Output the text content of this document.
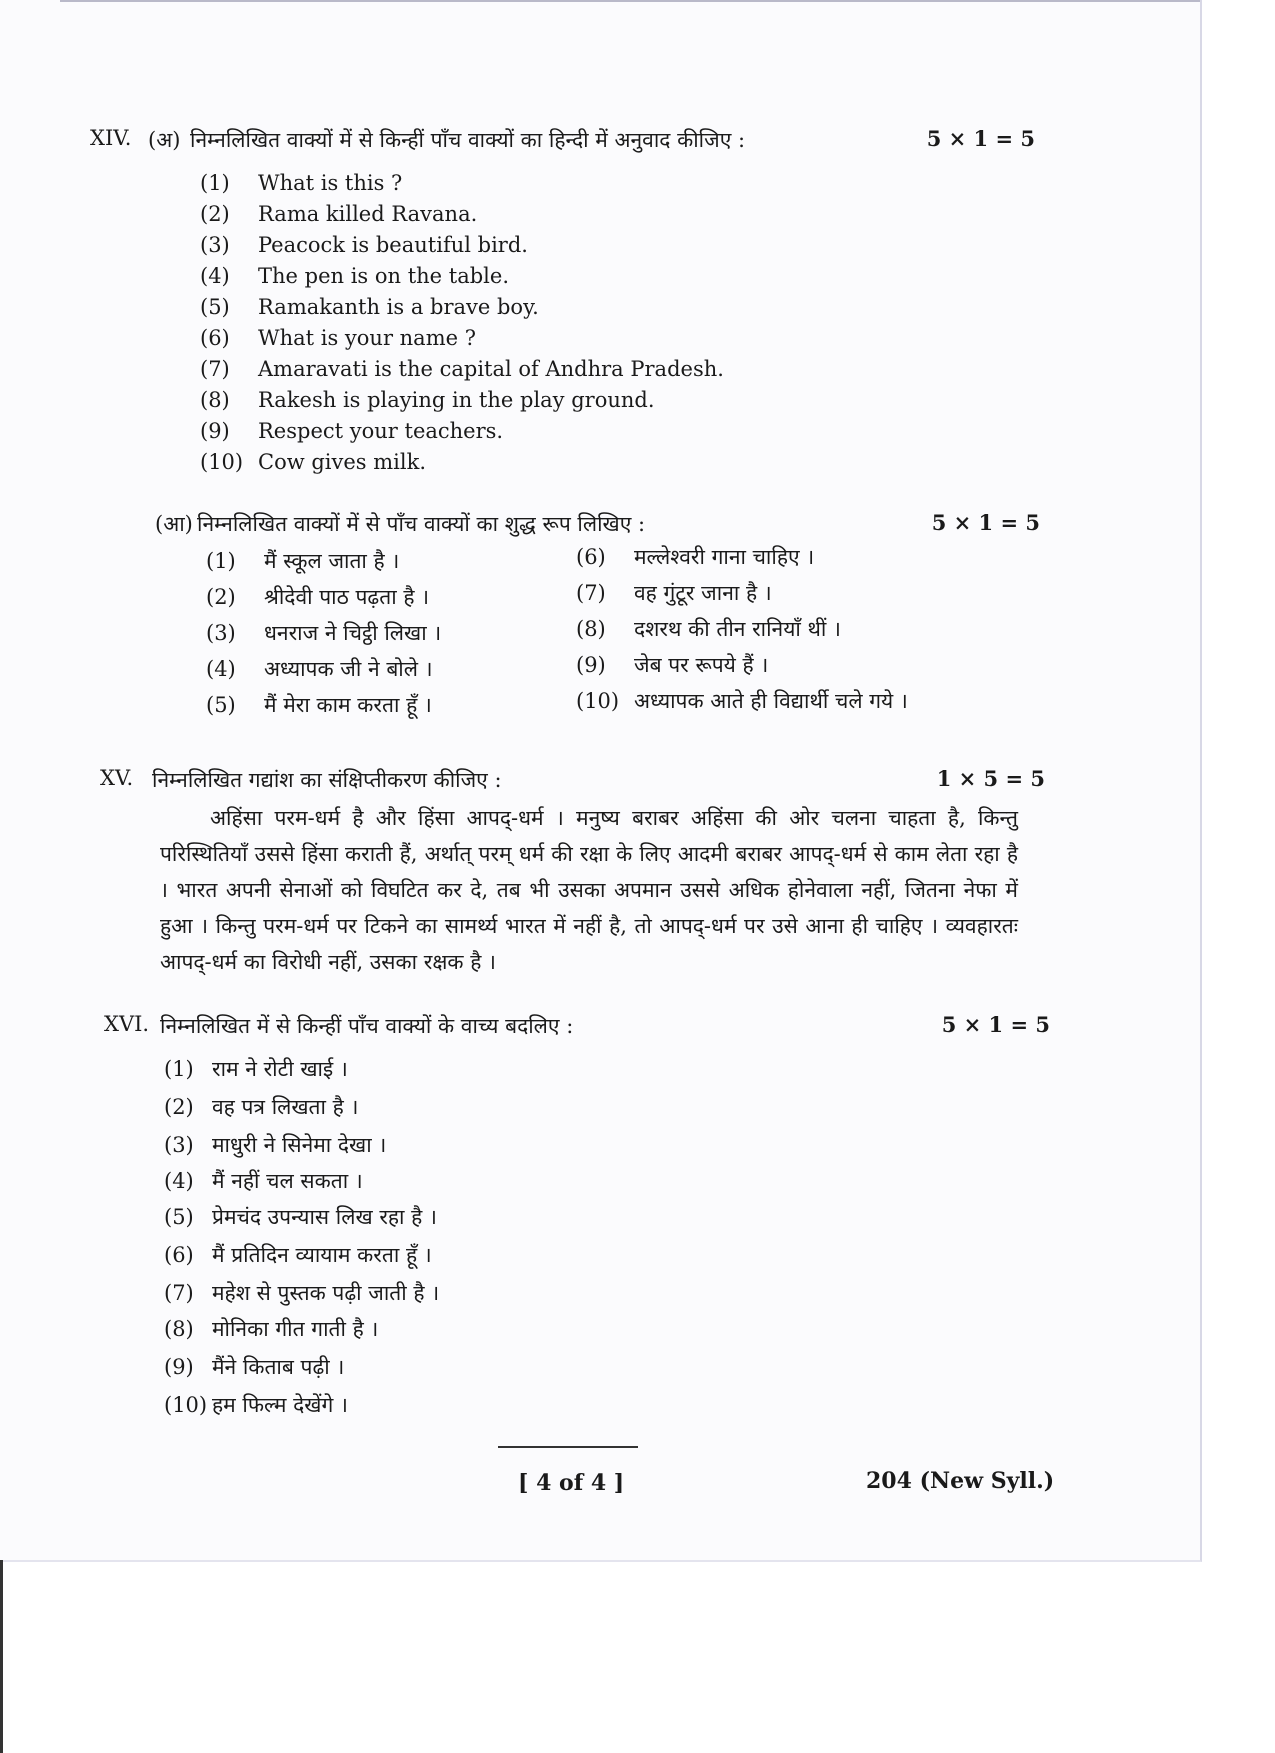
XIV. (अ) निम्नलिखित वाक्यों में से किन्हीं पाँच वाक्यों का हिन्दी में अनुवाद कीजिए :	5 × 1 = 5
(1) What is this ?
(2) Rama killed Ravana.
(3) Peacock is beautiful bird.
(4) The pen is on the table.
(5) Ramakanth is a brave boy.
(6) What is your name ?
(7) Amaravati is the capital of Andhra Pradesh.
(8) Rakesh is playing in the play ground.
(9) Respect your teachers.
(10) Cow gives milk.
(आ) निम्नलिखित वाक्यों में से पाँच वाक्यों का शुद्ध रूप लिखिए :	5 × 1 = 5
(1) मैं स्कूल जाता है ।
(2) श्रीदेवी पाठ पढ़ता है ।
(3) धनराज ने चिट्ठी लिखा ।
(4) अध्यापक जी ने बोले ।
(5) मैं मेरा काम करता हूँ ।
(6) मल्लेश्वरी गाना चाहिए ।
(7) वह गुंटूर जाना है ।
(8) दशरथ की तीन रानियाँ थीं ।
(9) जेब पर रूपये हैं ।
(10) अध्यापक आते ही विद्यार्थी चले गये ।
XV. निम्नलिखित गद्यांश का संक्षिप्तीकरण कीजिए :	1 × 5 = 5
अहिंसा परम-धर्म है और हिंसा आपद्-धर्म । मनुष्य बराबर अहिंसा की ओर चलना चाहता है, किन्तु परिस्थितियाँ उससे हिंसा कराती हैं, अर्थात् परम् धर्म की रक्षा के लिए आदमी बराबर आपद्-धर्म से काम लेता रहा है । भारत अपनी सेनाओं को विघटित कर दे, तब भी उसका अपमान उससे अधिक होनेवाला नहीं, जितना नेफा में हुआ । किन्तु परम-धर्म पर टिकने का सामर्थ्य भारत में नहीं है, तो आपद्-धर्म पर उसे आना ही चाहिए । व्यवहारतः आपद्-धर्म का विरोधी नहीं, उसका रक्षक है ।
XVI. निम्नलिखित में से किन्हीं पाँच वाक्यों के वाच्य बदलिए :	5 × 1 = 5
(1) राम ने रोटी खाई ।
(2) वह पत्र लिखता है ।
(3) माधुरी ने सिनेमा देखा ।
(4) मैं नहीं चल सकता ।
(5) प्रेमचंद उपन्यास लिख रहा है ।
(6) मैं प्रतिदिन व्यायाम करता हूँ ।
(7) महेश से पुस्तक पढ़ी जाती है ।
(8) मोनिका गीत गाती है ।
(9) मैंने किताब पढ़ी ।
(10) हम फिल्म देखेंगे ।
[ 4 of 4 ]	204 (New Syll.)
